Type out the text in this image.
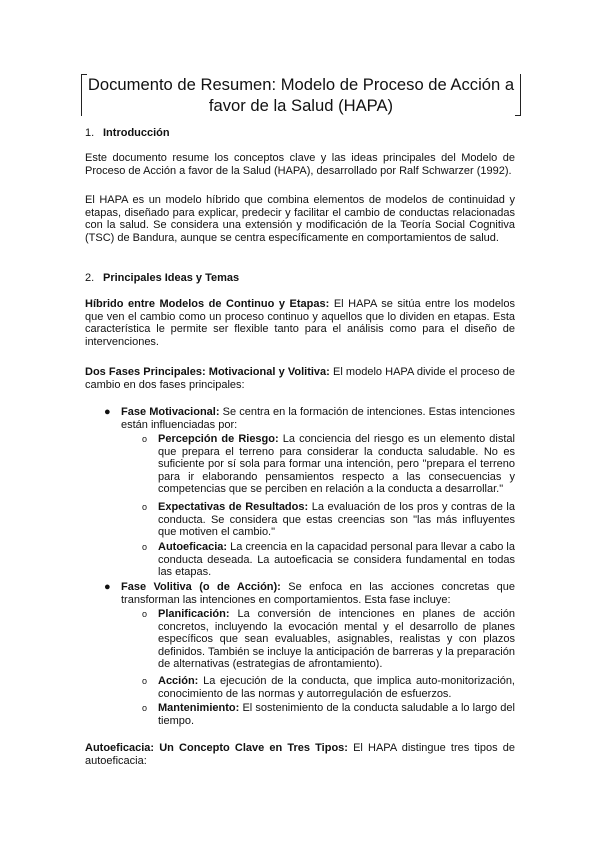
Documento de Resumen: Modelo de Proceso de Acción a favor de la Salud (HAPA)
1. Introducción

Este documento resume los conceptos clave y las ideas principales del Modelo de Proceso de Acción a favor de la Salud (HAPA), desarrollado por Ralf Schwarzer (1992).

El HAPA es un modelo híbrido que combina elementos de modelos de continuidad y etapas, diseñado para explicar, predecir y facilitar el cambio de conductas relacionadas con la salud. Se considera una extensión y modificación de la Teoría Social Cognitiva (TSC) de Bandura, aunque se centra específicamente en comportamientos de salud.

2. Principales Ideas y Temas

Híbrido entre Modelos de Continuo y Etapas: El HAPA se sitúa entre los modelos que ven el cambio como un proceso continuo y aquellos que lo dividen en etapas. Esta característica le permite ser flexible tanto para el análisis como para el diseño de intervenciones.

Dos Fases Principales: Motivacional y Volitiva: El modelo HAPA divide el proceso de cambio en dos fases principales:

● Fase Motivacional: Se centra en la formación de intenciones. Estas intenciones están influenciadas por:

o Percepción de Riesgo: La conciencia del riesgo es un elemento distal que prepara el terreno para considerar la conducta saludable. No es suficiente por sí sola para formar una intención, pero "prepara el terreno para ir elaborando pensamientos respecto a las consecuencias y competencias que se perciben en relación a la conducta a desarrollar."

o Expectativas de Resultados: La evaluación de los pros y contras de la conducta. Se considera que estas creencias son "las más influyentes que motiven el cambio."

o Autoeficacia: La creencia en la capacidad personal para llevar a cabo la conducta deseada. La autoeficacia se considera fundamental en todas las etapas.

● Fase Volitiva (o de Acción): Se enfoca en las acciones concretas que transforman las intenciones en comportamientos. Esta fase incluye:

o Planificación: La conversión de intenciones en planes de acción concretos, incluyendo la evocación mental y el desarrollo de planes específicos que sean evaluables, asignables, realistas y con plazos definidos. También se incluye la anticipación de barreras y la preparación de alternativas (estrategias de afrontamiento).

o Acción: La ejecución de la conducta, que implica auto-monitorización, conocimiento de las normas y autorregulación de esfuerzos.

o Mantenimiento: El sostenimiento de la conducta saludable a lo largo del tiempo.

Autoeficacia: Un Concepto Clave en Tres Tipos: El HAPA distingue tres tipos de autoeficacia:
